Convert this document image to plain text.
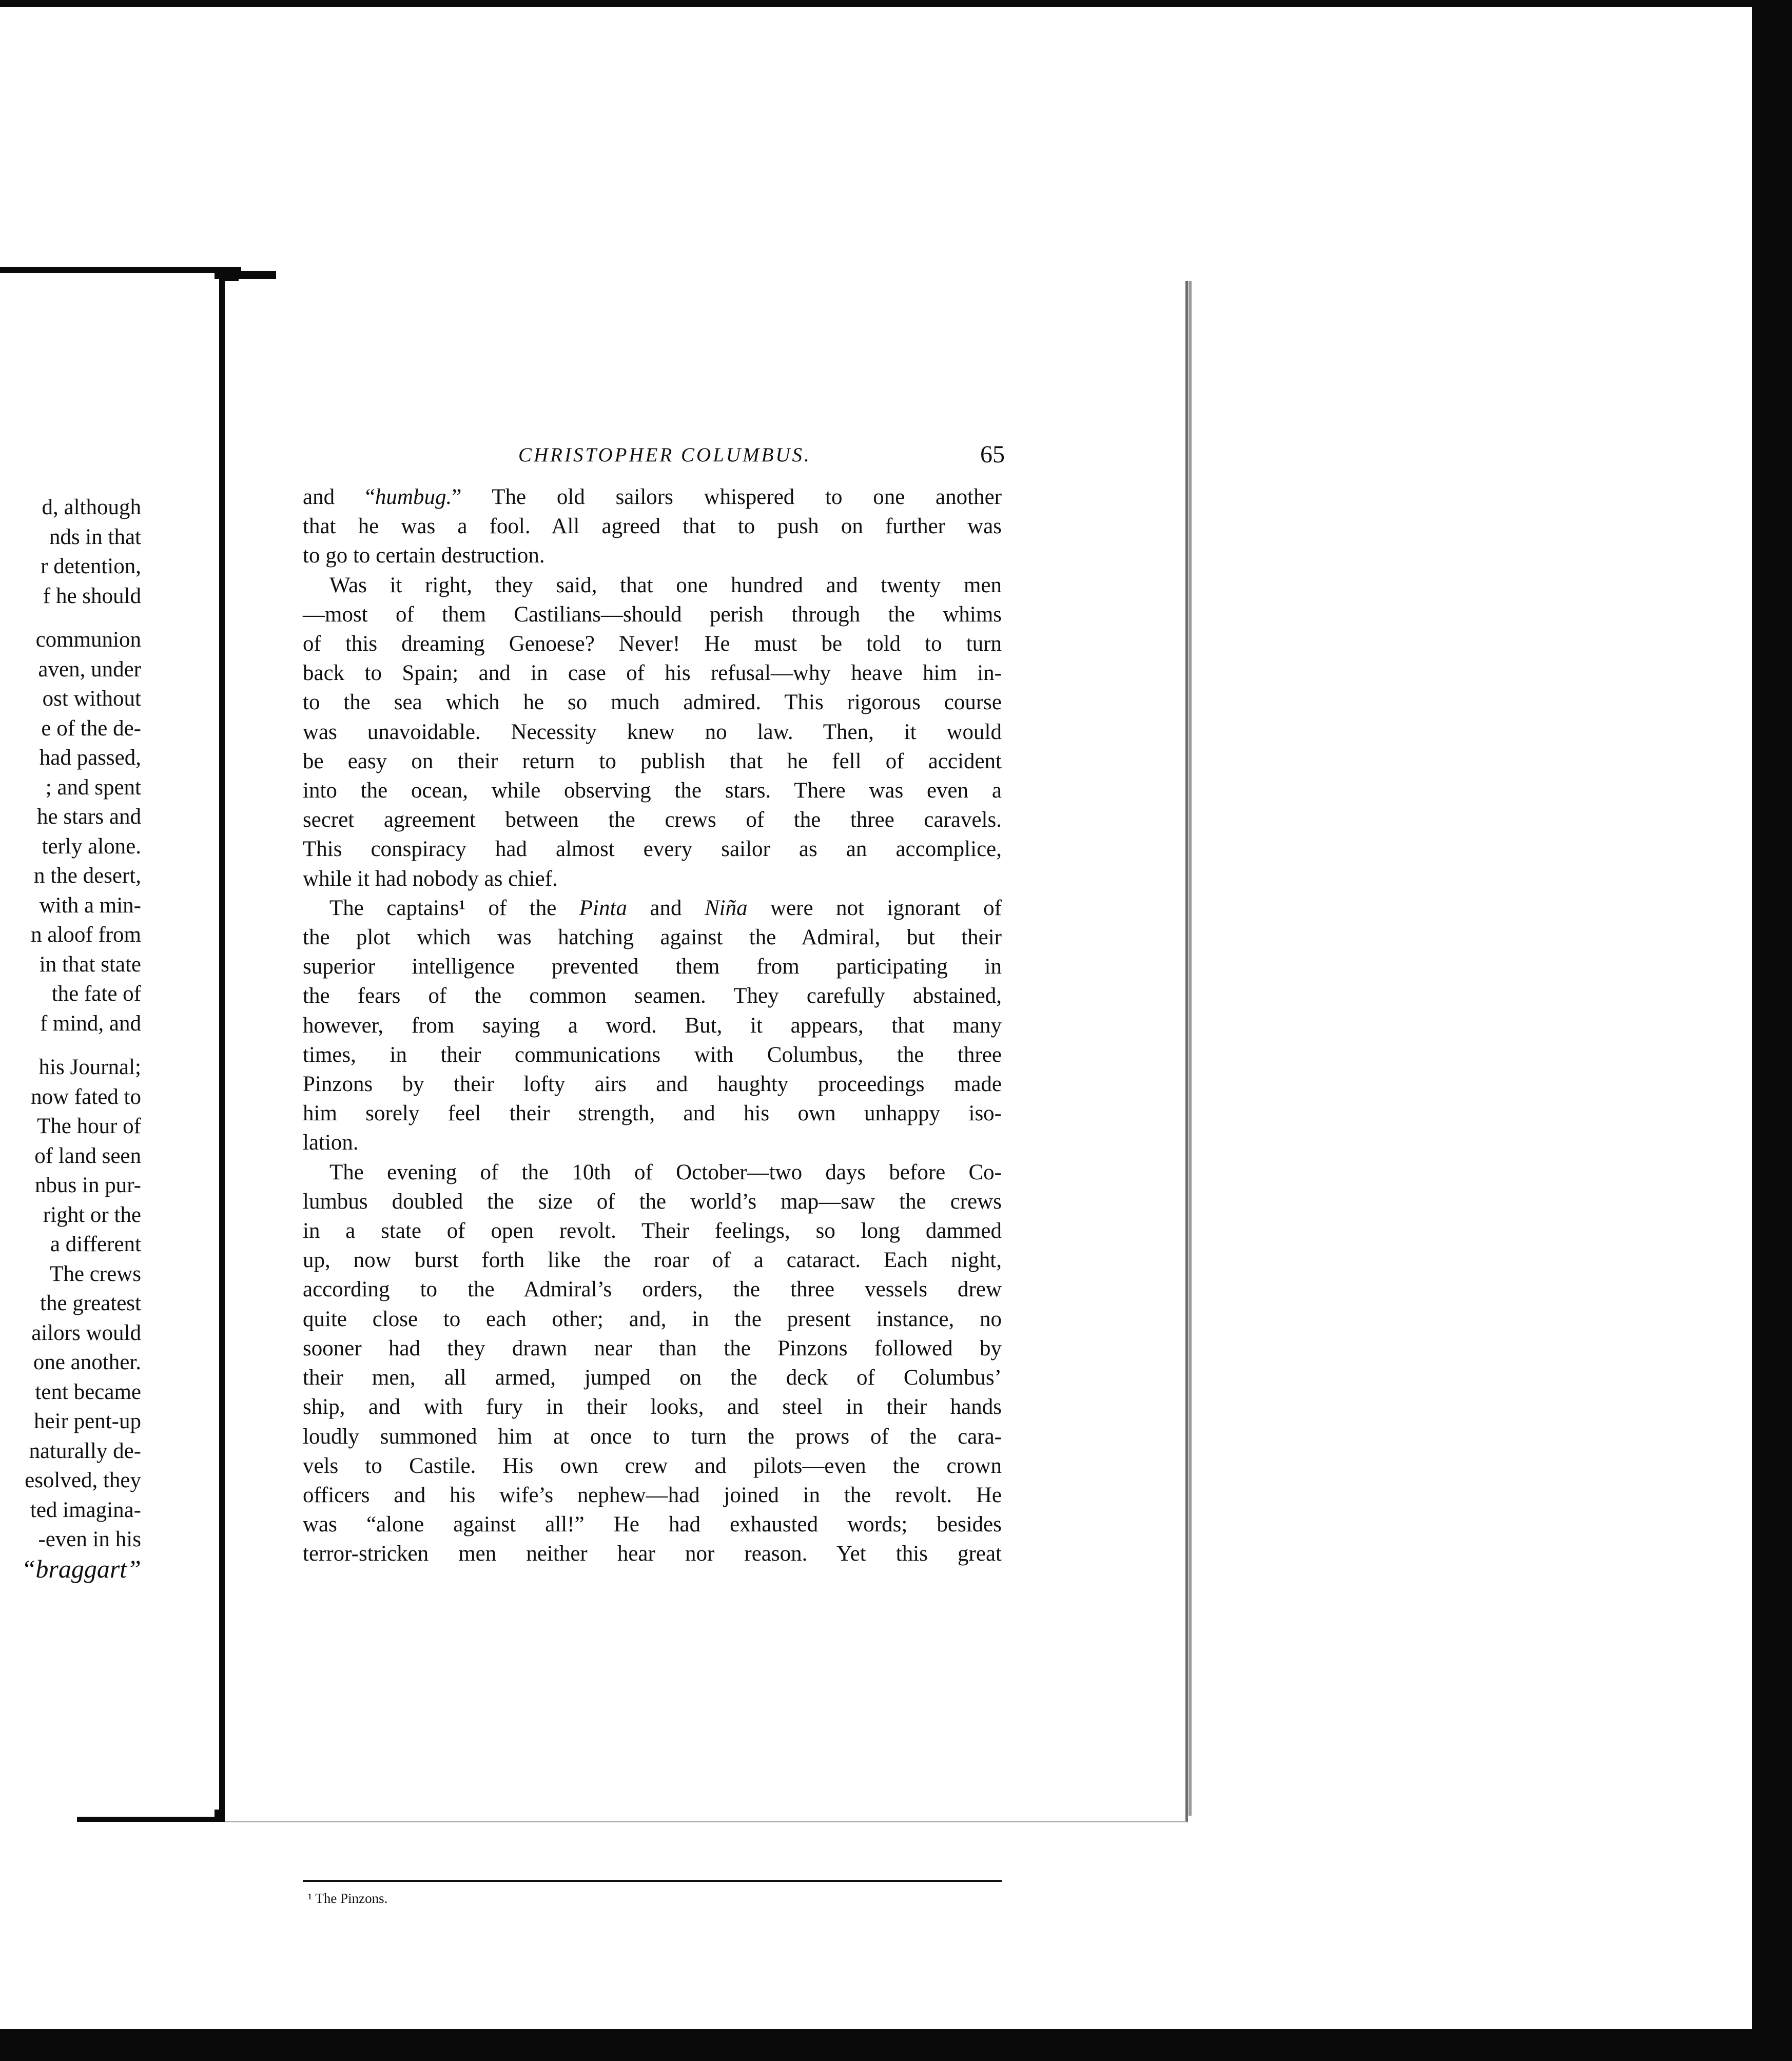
d, although
nds in that
r detention,
f he should
communion
aven, under
ost without
e of the de-
had passed,
; and spent
he stars and
terly alone.
n the desert,
with a min-
n aloof from
in that state
the fate of
f mind, and
his Journal;
now fated to
The hour of
of land seen
nbus in pur-
right or the
a different
The crews
the greatest
ailors would
one another.
tent became
heir pent-up
naturally de-
esolved, they
ted imagina-
-even in his
“braggart”
CHRISTOPHER COLUMBUS.	65
and “humbug.” The old sailors whispered to one another
that he was a fool. All agreed that to push on further was
to go to certain destruction.
Was it right, they said, that one hundred and twenty men
—most of them Castilians—should perish through the whims
of this dreaming Genoese? Never! He must be told to turn
back to Spain; and in case of his refusal—why heave him in-
to the sea which he so much admired. This rigorous course
was unavoidable. Necessity knew no law. Then, it would
be easy on their return to publish that he fell of accident
into the ocean, while observing the stars. There was even a
secret agreement between the crews of the three caravels.
This conspiracy had almost every sailor as an accomplice,
while it had nobody as chief.
The captains¹ of the Pinta and Niña were not ignorant of
the plot which was hatching against the Admiral, but their
superior intelligence prevented them from participating in
the fears of the common seamen. They carefully abstained,
however, from saying a word. But, it appears, that many
times, in their communications with Columbus, the three
Pinzons by their lofty airs and haughty proceedings made
him sorely feel their strength, and his own unhappy iso-
lation.
The evening of the 10th of October—two days before Co-
lumbus doubled the size of the world’s map—saw the crews
in a state of open revolt. Their feelings, so long dammed
up, now burst forth like the roar of a cataract. Each night,
according to the Admiral’s orders, the three vessels drew
quite close to each other; and, in the present instance, no
sooner had they drawn near than the Pinzons followed by
their men, all armed, jumped on the deck of Columbus’
ship, and with fury in their looks, and steel in their hands
loudly summoned him at once to turn the prows of the cara-
vels to Castile. His own crew and pilots—even the crown
officers and his wife’s nephew—had joined in the revolt. He
was “alone against all!” He had exhausted words; besides
terror-stricken men neither hear nor reason. Yet this great
¹ The Pinzons.
